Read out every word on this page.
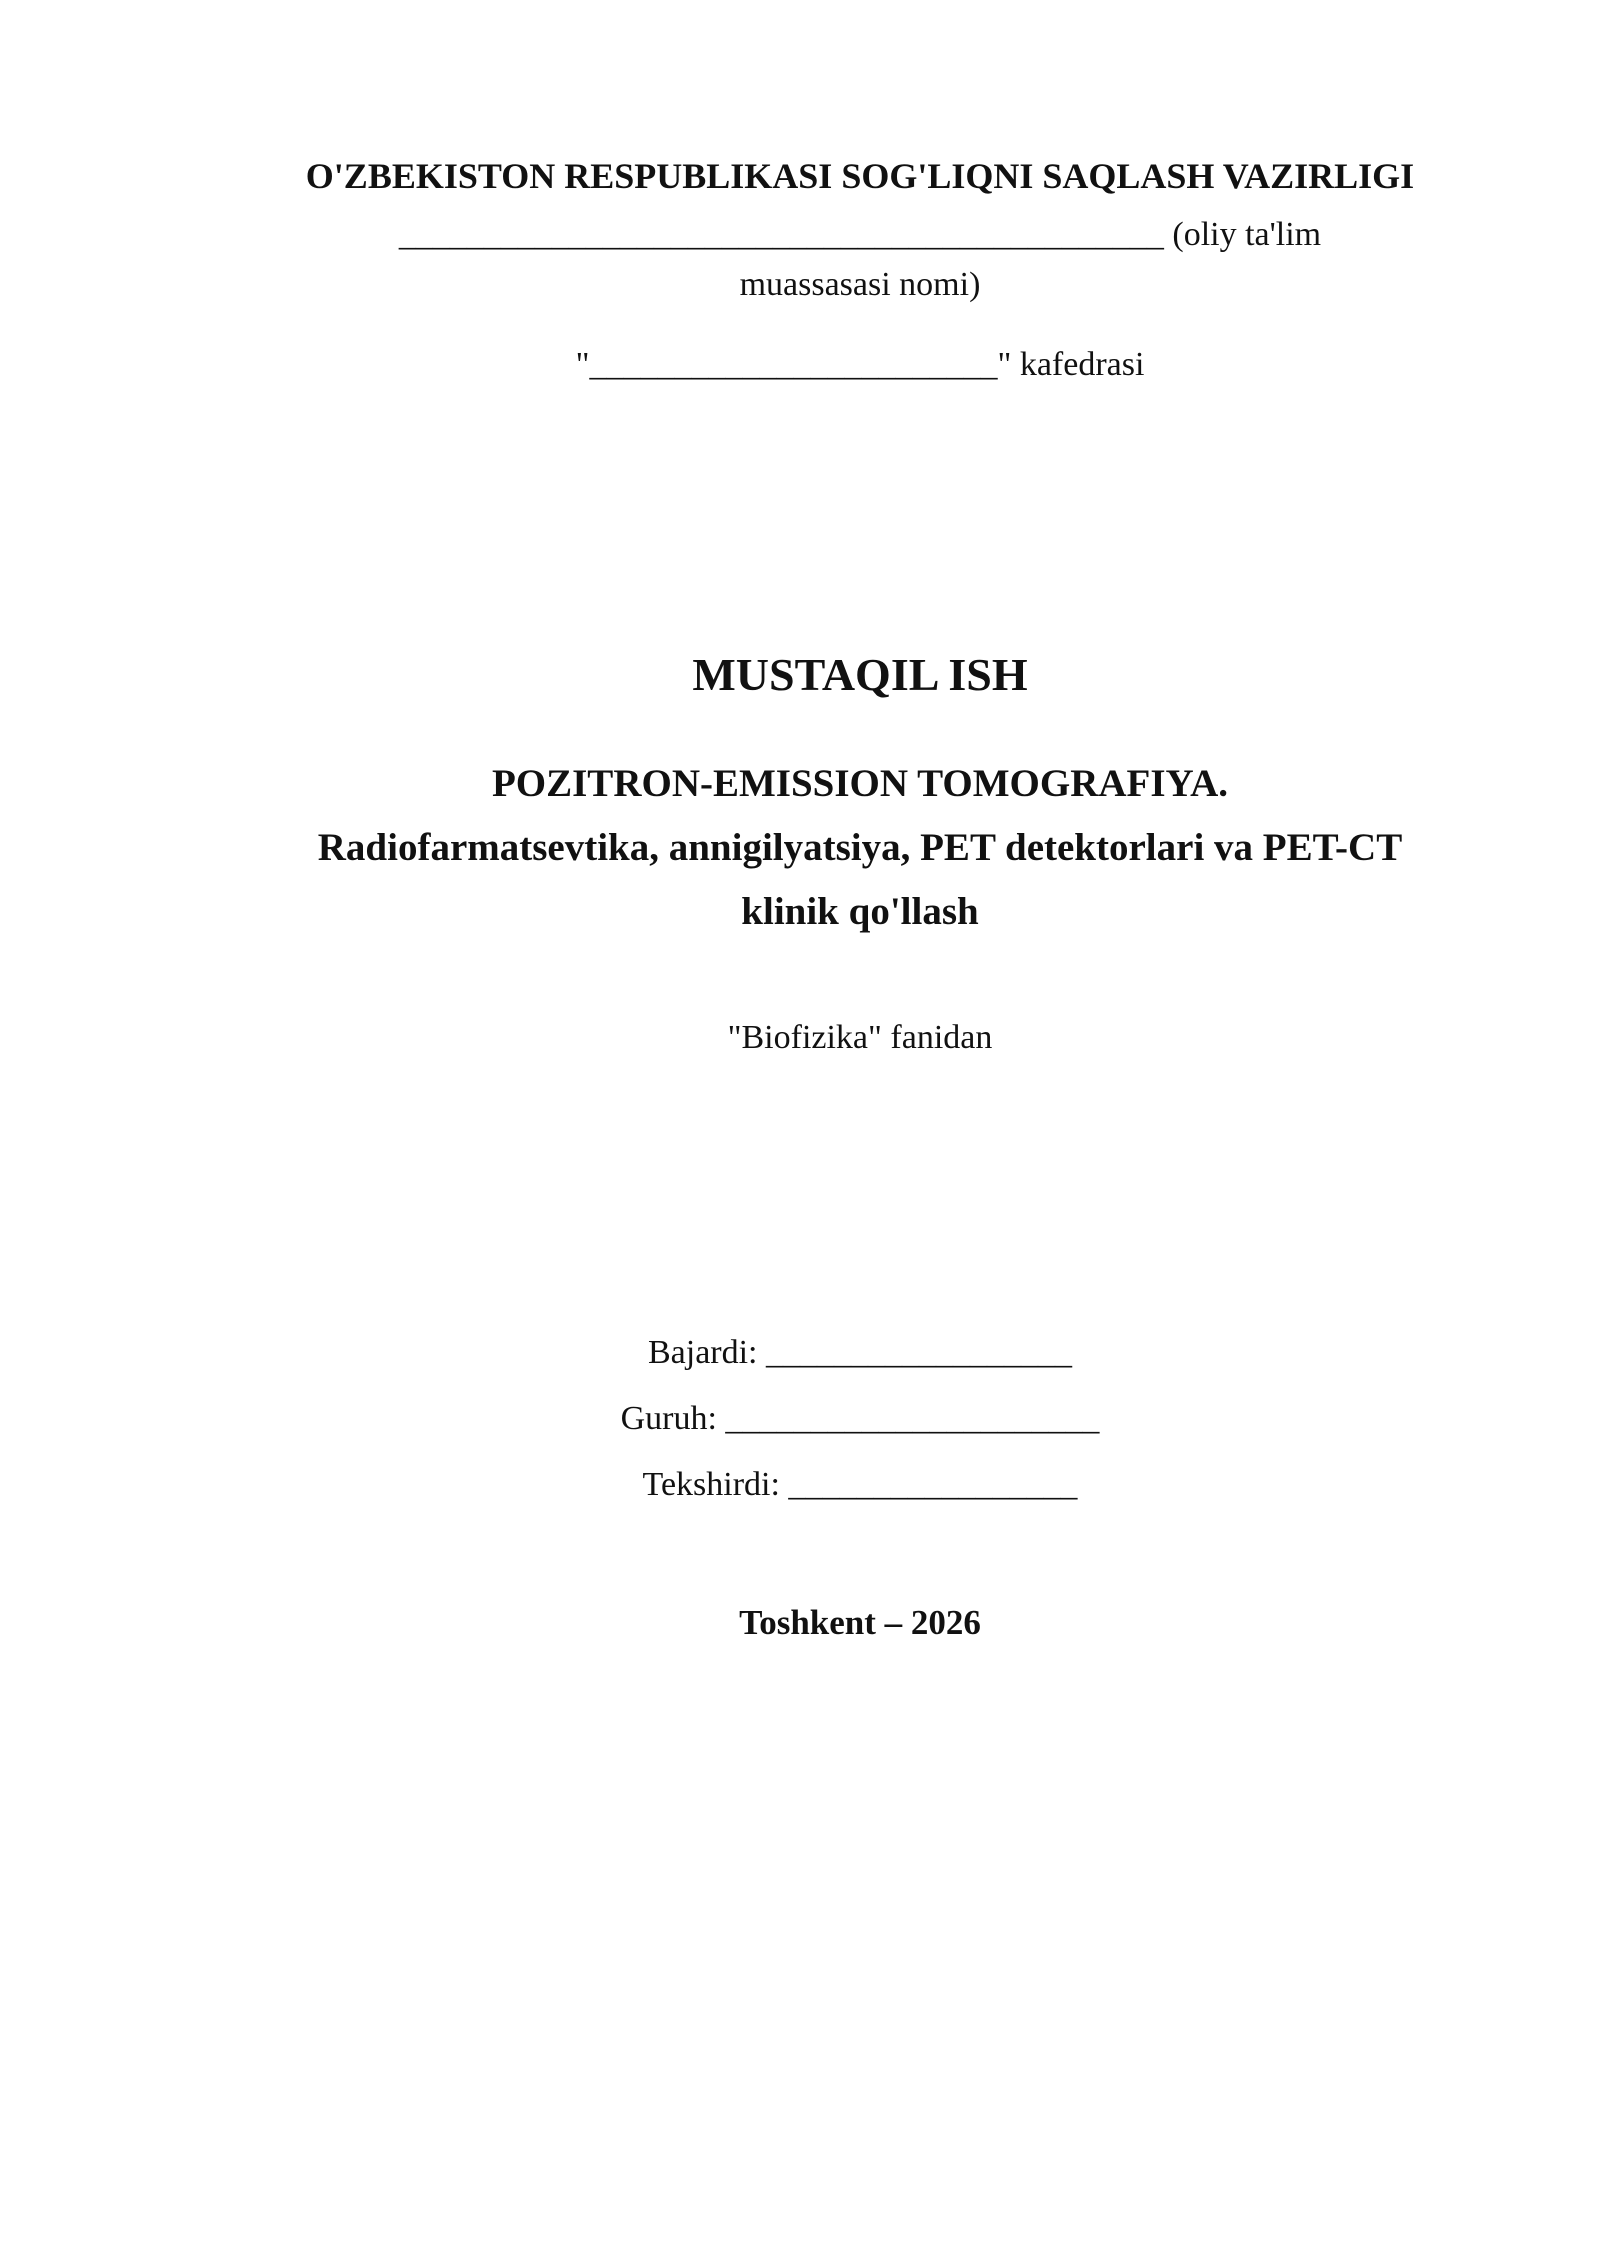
O'ZBEKISTON RESPUBLIKASI SOG'LIQNI SAQLASH VAZIRLIGI
_____________________________________________ (oliy ta'lim
muassasasi nomi)
"________________________" kafedrasi
MUSTAQIL ISH
POZITRON-EMISSION TOMOGRAFIYA.
Radiofarmatsevtika, annigilyatsiya, PET detektorlari va PET-CT
klinik qo'llash
"Biofizika" fanidan
Bajardi: __________________
Guruh: ______________________
Tekshirdi: _________________
Toshkent – 2026
